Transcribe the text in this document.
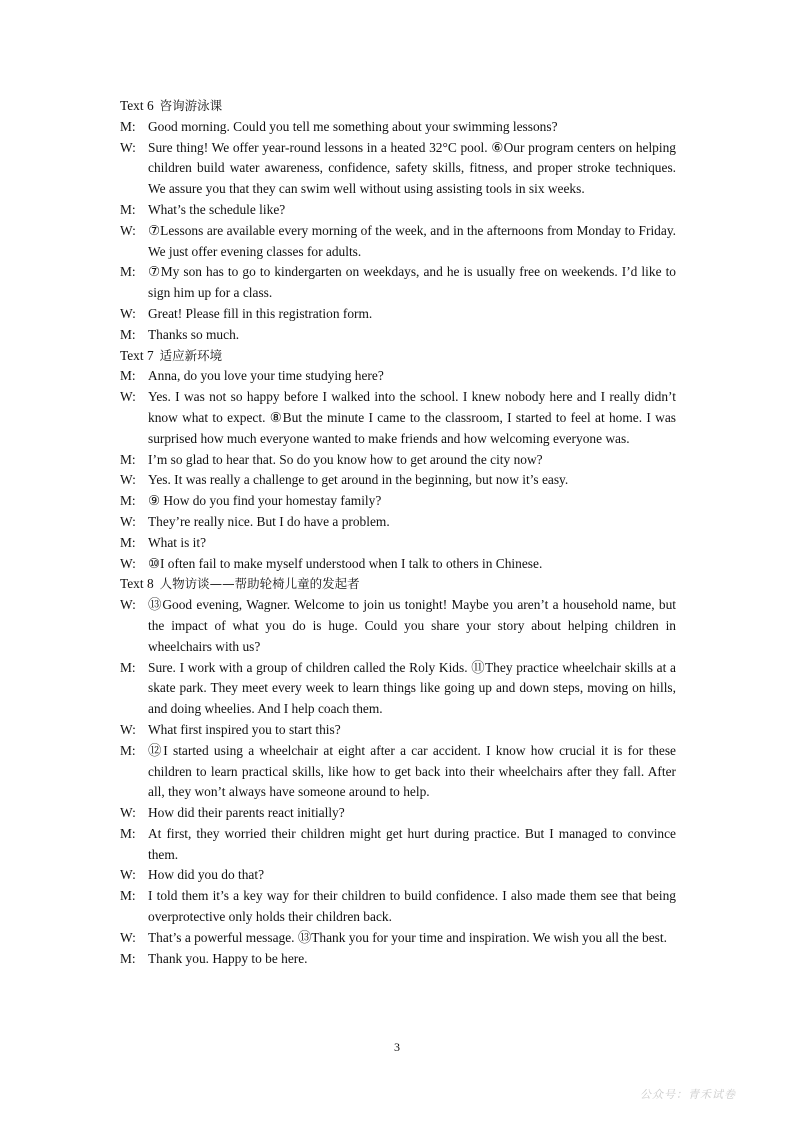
Text 6 咨询游泳课
M: Good morning. Could you tell me something about your swimming lessons?
W: Sure thing! We offer year-round lessons in a heated 32°C pool. ⑥Our program centers on helping children build water awareness, confidence, safety skills, fitness, and proper stroke techniques. We assure you that they can swim well without using assisting tools in six weeks.
M: What’s the schedule like?
W: ⑦Lessons are available every morning of the week, and in the afternoons from Monday to Friday. We just offer evening classes for adults.
M: ⑦My son has to go to kindergarten on weekdays, and he is usually free on weekends. I’d like to sign him up for a class.
W: Great! Please fill in this registration form.
M: Thanks so much.
Text 7 适应新环境
M: Anna, do you love your time studying here?
W: Yes. I was not so happy before I walked into the school. I knew nobody here and I really didn’t know what to expect. ⑧But the minute I came to the classroom, I started to feel at home. I was surprised how much everyone wanted to make friends and how welcoming everyone was.
M: I’m so glad to hear that. So do you know how to get around the city now?
W: Yes. It was really a challenge to get around in the beginning, but now it’s easy.
M: ⑨ How do you find your homestay family?
W: They’re really nice. But I do have a problem.
M: What is it?
W: ⑩I often fail to make myself understood when I talk to others in Chinese.
Text 8 人物访谈——帮助轮椅儿童的发起者
W: ⑬Good evening, Wagner. Welcome to join us tonight! Maybe you aren’t a household name, but the impact of what you do is huge. Could you share your story about helping children in wheelchairs with us?
M: Sure. I work with a group of children called the Roly Kids. ⑪They practice wheelchair skills at a skate park. They meet every week to learn things like going up and down steps, moving on hills, and doing wheelies. And I help coach them.
W: What first inspired you to start this?
M: ⑫I started using a wheelchair at eight after a car accident. I know how crucial it is for these children to learn practical skills, like how to get back into their wheelchairs after they fall. After all, they won’t always have someone around to help.
W: How did their parents react initially?
M: At first, they worried their children might get hurt during practice. But I managed to convince them.
W: How did you do that?
M: I told them it’s a key way for their children to build confidence. I also made them see that being overprotective only holds their children back.
W: That’s a powerful message. ⑬Thank you for your time and inspiration. We wish you all the best.
M: Thank you. Happy to be here.
3
公众号：青禾试卷
